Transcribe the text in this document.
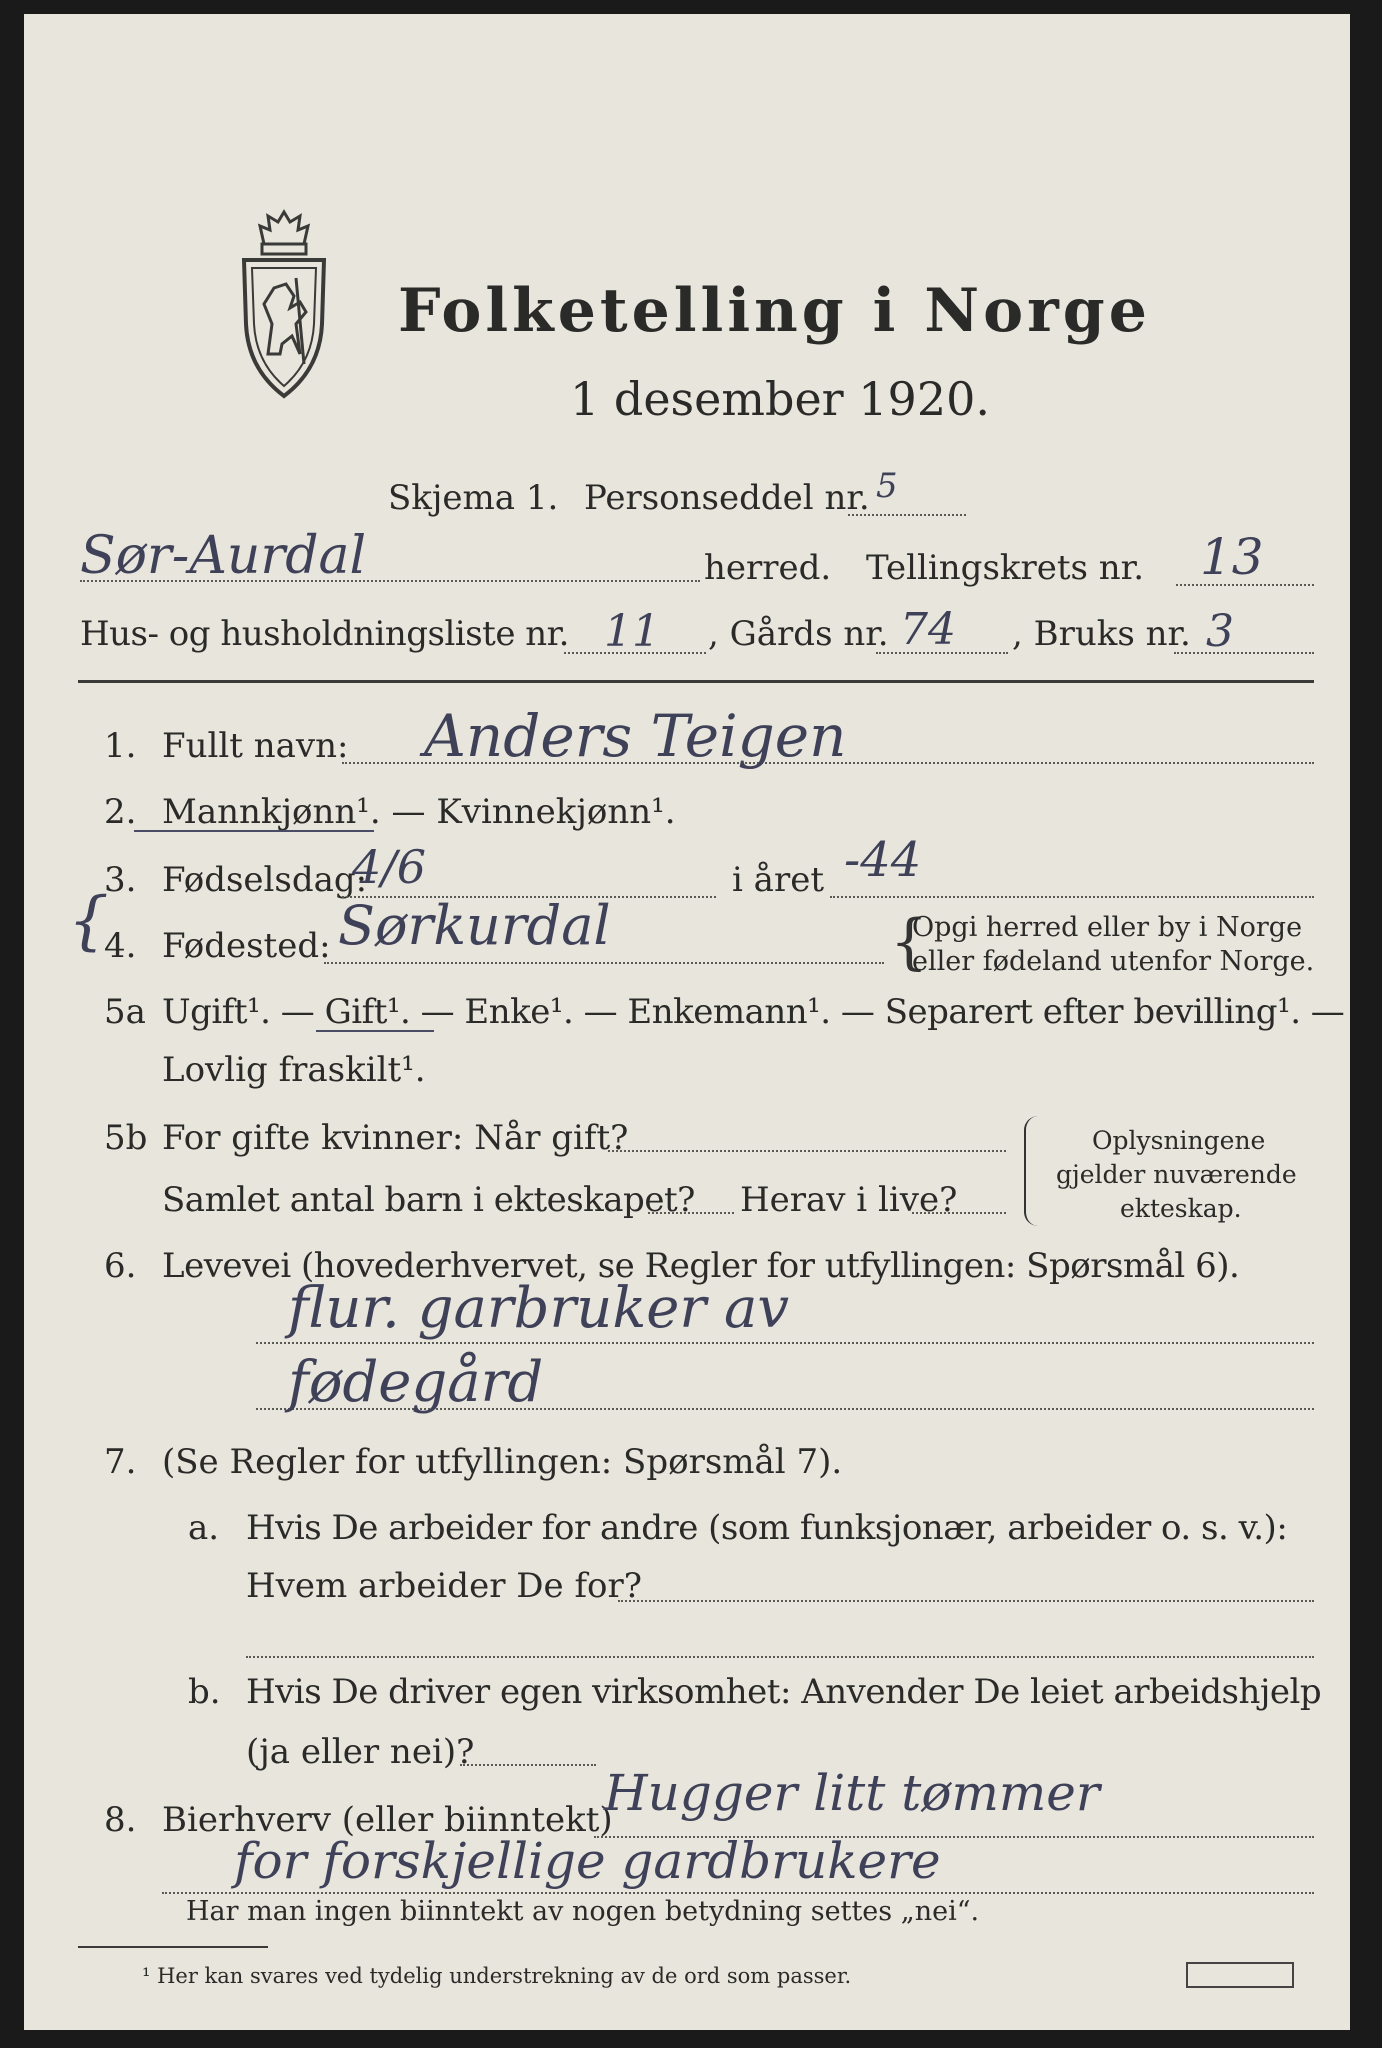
Folketelling i Norge
1 desember 1920.
Skjema 1. Personseddel nr. 5
Sør-Aurdal	herred. Tellingskrets nr. 13
Hus- og husholdningsliste nr. 11 , Gårds nr. 74 , Bruks nr. 3
1. Fullt navn: Anders Teigen
2. Mannkjønn¹. — Kvinnekjønn¹.
3. Fødselsdag:
4/6	i året -44
{
4. Fødested: Sørkurdal	{
Opgi herred eller by i Norge
eller fødeland utenfor Norge.
5a Ugift¹. — Gift¹. — Enke¹. — Enkemann¹. — Separert efter bevilling¹. —
Lovlig fraskilt¹.
5b For gifte kvinner: Når gift?
Samlet antal barn i ekteskapet? Herav i live?
Oplysningene
gjelder nuværende
ekteskap.
6. Levevei (hovederhvervet, se Regler for utfyllingen: Spørsmål 6).
flur. garbruker av
fødegård
7. (Se Regler for utfyllingen: Spørsmål 7).
a. Hvis De arbeider for andre (som funksjonær, arbeider o. s. v.):
Hvem arbeider De for?
b. Hvis De driver egen virksomhet: Anvender De leiet arbeidshjelp
(ja eller nei)?
8. Bierhverv (eller biinntekt)
Hugger litt tømmer
for forskjellige gardbrukere
Har man ingen biinntekt av nogen betydning settes „nei“.
¹ Her kan svares ved tydelig understrekning av de ord som passer.
